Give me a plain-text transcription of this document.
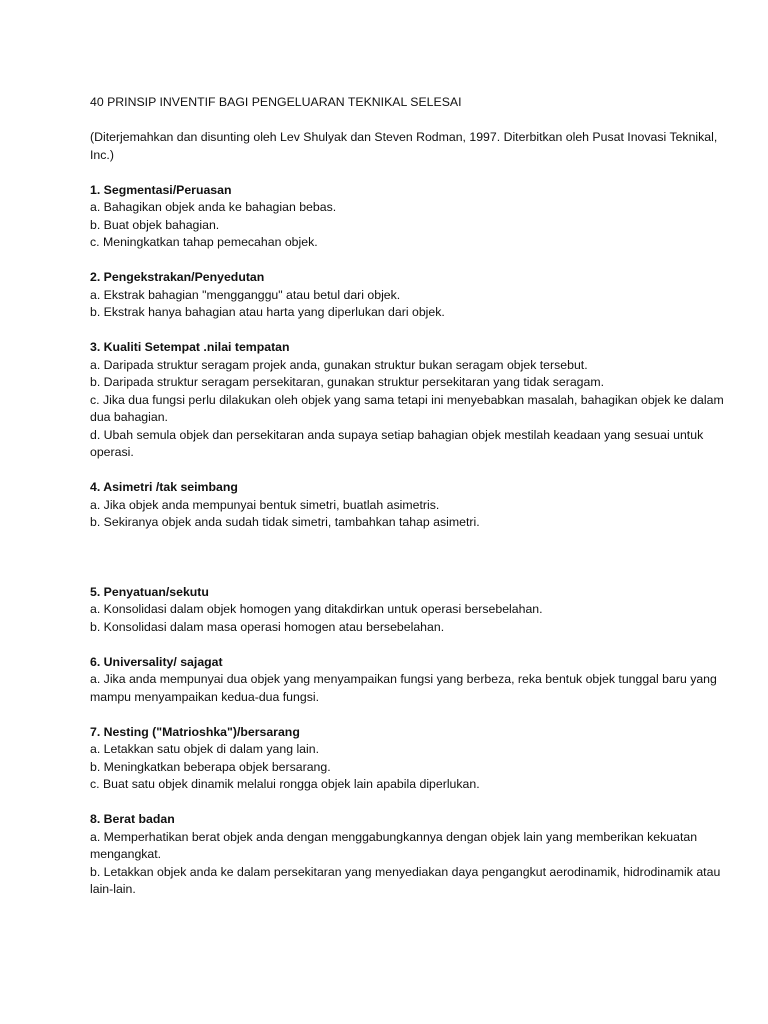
40 PRINSIP INVENTIF BAGI PENGELUARAN TEKNIKAL SELESAI

(Diterjemahkan dan disunting oleh Lev Shulyak dan Steven Rodman, 1997. Diterbitkan oleh Pusat Inovasi Teknikal, Inc.)

1. Segmentasi/Peruasan

a. Bahagikan objek anda ke bahagian bebas.

b. Buat objek bahagian.

c. Meningkatkan tahap pemecahan objek.

2. Pengekstrakan/Penyedutan

a. Ekstrak bahagian "mengganggu" atau betul dari objek.

b. Ekstrak hanya bahagian atau harta yang diperlukan dari objek.

3. Kualiti Setempat .nilai tempatan

a. Daripada struktur seragam projek anda, gunakan struktur bukan seragam objek tersebut.

b. Daripada struktur seragam persekitaran, gunakan struktur persekitaran yang tidak seragam.

c. Jika dua fungsi perlu dilakukan oleh objek yang sama tetapi ini menyebabkan masalah, bahagikan objek ke dalam dua bahagian.

d. Ubah semula objek dan persekitaran anda supaya setiap bahagian objek mestilah keadaan yang sesuai untuk operasi.

4. Asimetri /tak seimbang

a. Jika objek anda mempunyai bentuk simetri, buatlah asimetris.

b. Sekiranya objek anda sudah tidak simetri, tambahkan tahap asimetri.

5. Penyatuan/sekutu

a. Konsolidasi dalam objek homogen yang ditakdirkan untuk operasi bersebelahan.

b. Konsolidasi dalam masa operasi homogen atau bersebelahan.

6. Universality/ sajagat

a. Jika anda mempunyai dua objek yang menyampaikan fungsi yang berbeza, reka bentuk objek tunggal baru yang mampu menyampaikan kedua-dua fungsi.

7. Nesting ("Matrioshka")/bersarang

a. Letakkan satu objek di dalam yang lain.

b. Meningkatkan beberapa objek bersarang.

c. Buat satu objek dinamik melalui rongga objek lain apabila diperlukan.

8. Berat badan

a. Memperhatikan berat objek anda dengan menggabungkannya dengan objek lain yang memberikan kekuatan mengangkat.

b. Letakkan objek anda ke dalam persekitaran yang menyediakan daya pengangkut aerodinamik, hidrodinamik atau lain-lain.
